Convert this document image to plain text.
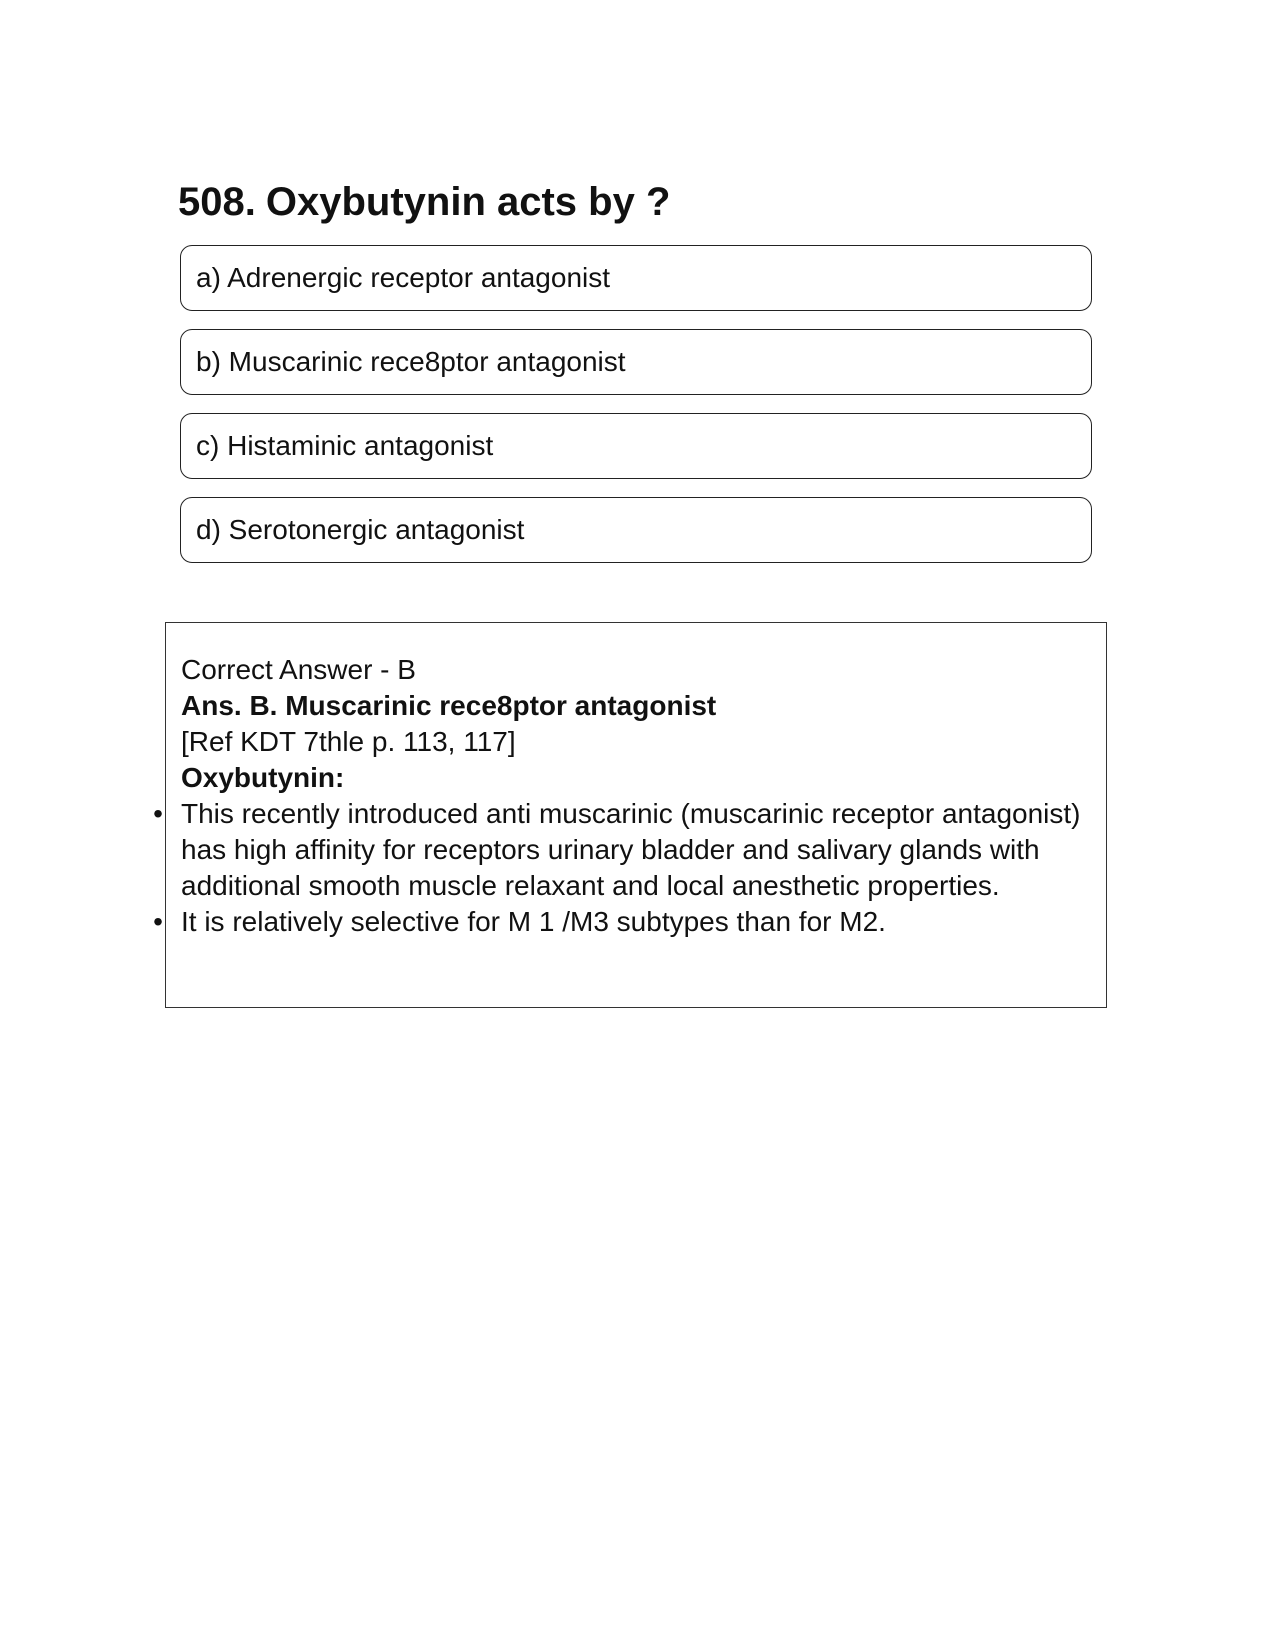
508. Oxybutynin acts by ?
a) Adrenergic receptor antagonist
b) Muscarinic rece8ptor antagonist
c) Histaminic antagonist
d) Serotonergic antagonist
Correct Answer - B
Ans. B. Muscarinic rece8ptor antagonist
[Ref KDT 7thle p. 113, 117]
Oxybutynin:
• This recently introduced anti muscarinic (muscarinic receptor antagonist) has high affinity for receptors urinary bladder and salivary glands with additional smooth muscle relaxant and local anesthetic properties.
• It is relatively selective for M 1 /M3 subtypes than for M2.
